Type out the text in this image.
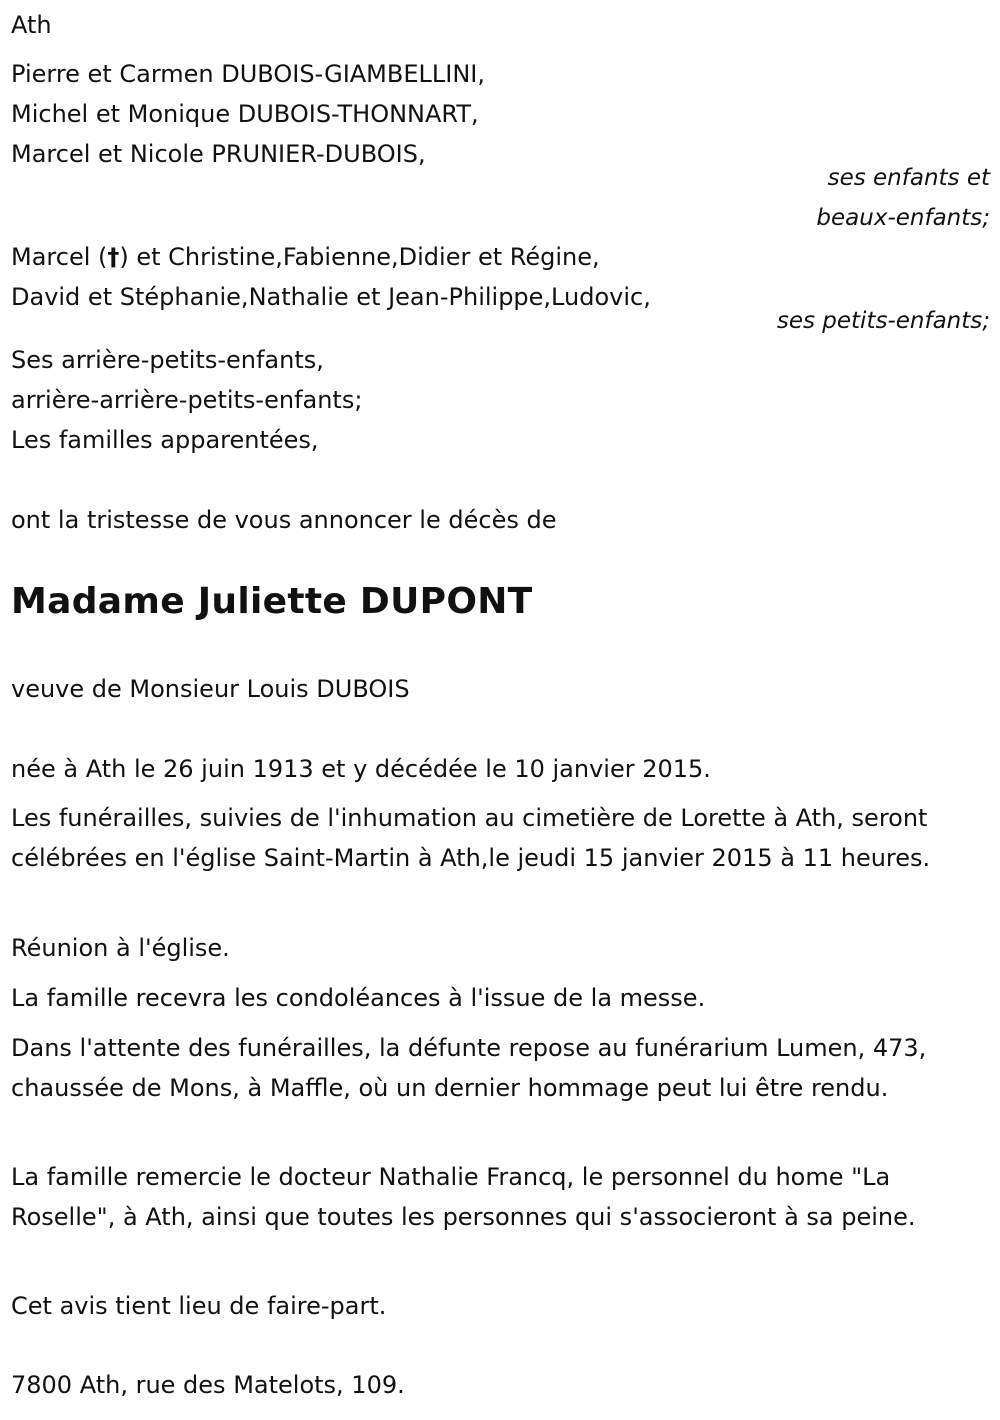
Ath
Pierre et Carmen DUBOIS-GIAMBELLINI,
Michel et Monique DUBOIS-THONNART,
Marcel et Nicole PRUNIER-DUBOIS,
ses enfants et
beaux-enfants;
Marcel (†) et Christine,Fabienne,Didier et Régine,
David et Stéphanie,Nathalie et Jean-Philippe,Ludovic,
ses petits-enfants;
Ses arrière-petits-enfants,
arrière-arrière-petits-enfants;
Les familles apparentées,
ont la tristesse de vous annoncer le décès de
Madame Juliette DUPONT
veuve de Monsieur Louis DUBOIS
née à Ath le 26 juin 1913 et y décédée le 10 janvier 2015.
Les funérailles, suivies de l'inhumation au cimetière de Lorette à Ath, seront célébrées en l'église Saint-Martin à Ath,le jeudi 15 janvier 2015 à 11 heures.
Réunion à l'église.
La famille recevra les condoléances à l'issue de la messe.
Dans l'attente des funérailles, la défunte repose au funérarium Lumen, 473, chaussée de Mons, à Maffle, où un dernier hommage peut lui être rendu.
La famille remercie le docteur Nathalie Francq, le personnel du home "La Roselle", à Ath, ainsi que toutes les personnes qui s'associeront à sa peine.
Cet avis tient lieu de faire-part.
7800 Ath, rue des Matelots, 109.
